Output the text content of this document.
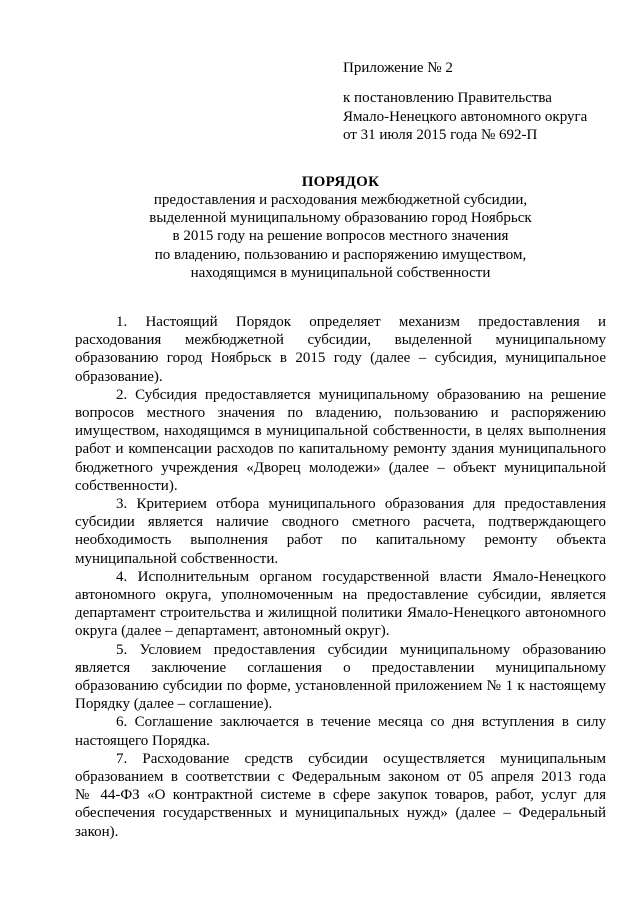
Приложение № 2
к постановлению Правительства
Ямало-Ненецкого автономного округа
от 31 июля 2015 года № 692-П
ПОРЯДОК
предоставления и расходования межбюджетной субсидии,
выделенной муниципальному образованию город Ноябрьск
в 2015 году на решение вопросов местного значения
по владению, пользованию и распоряжению имуществом,
находящимся в муниципальной собственности
1. Настоящий Порядок определяет механизм предоставления и
расходования межбюджетной субсидии, выделенной муниципальному
образованию город Ноябрьск в 2015 году (далее – субсидия, муниципальное
образование).
2. Субсидия предоставляется муниципальному образованию на решение
вопросов местного значения по владению, пользованию и распоряжению
имуществом, находящимся в муниципальной собственности, в целях выполнения
работ и компенсации расходов по капитальному ремонту здания муниципального
бюджетного учреждения «Дворец молодежи» (далее – объект муниципальной
собственности).
3. Критерием отбора муниципального образования для предоставления
субсидии является наличие сводного сметного расчета, подтверждающего
необходимость выполнения работ по капитальному ремонту объекта
муниципальной собственности.
4. Исполнительным органом государственной власти Ямало-Ненецкого
автономного округа, уполномоченным на предоставление субсидии, является
департамент строительства и жилищной политики Ямало-Ненецкого автономного
округа (далее – департамент, автономный округ).
5. Условием предоставления субсидии муниципальному образованию
является заключение соглашения о предоставлении муниципальному
образованию субсидии по форме, установленной приложением № 1 к настоящему
Порядку (далее – соглашение).
6. Соглашение заключается в течение месяца со дня вступления в силу
настоящего Порядка.
7. Расходование средств субсидии осуществляется муниципальным
образованием в соответствии с Федеральным законом от 05 апреля 2013 года
№ 44-ФЗ «О контрактной системе в сфере закупок товаров, работ, услуг для
обеспечения государственных и муниципальных нужд» (далее – Федеральный
закон).
